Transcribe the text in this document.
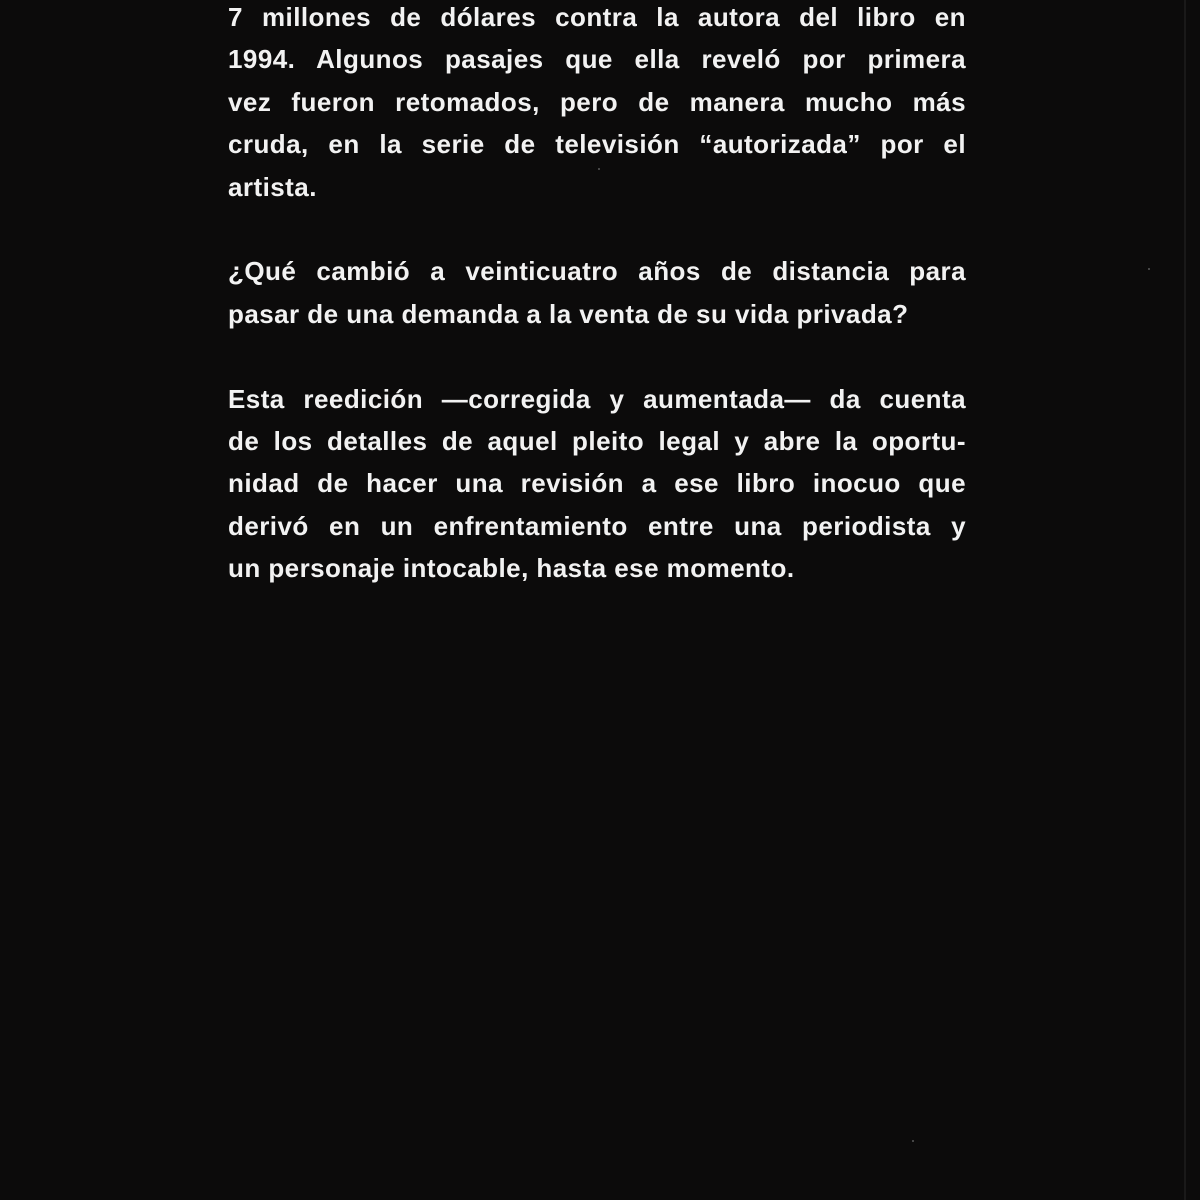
7 millones de dólares contra la autora del libro en
1994. Algunos pasajes que ella reveló por primera
vez fueron retomados, pero de manera mucho más
cruda, en la serie de televisión “autorizada” por el
artista.
¿Qué cambió a veinticuatro años de distancia para
pasar de una demanda a la venta de su vida privada?
Esta reedición —corregida y aumentada— da cuenta
de los detalles de aquel pleito legal y abre la oportu-
nidad de hacer una revisión a ese libro inocuo que
derivó en un enfrentamiento entre una periodista y
un personaje intocable, hasta ese momento.
